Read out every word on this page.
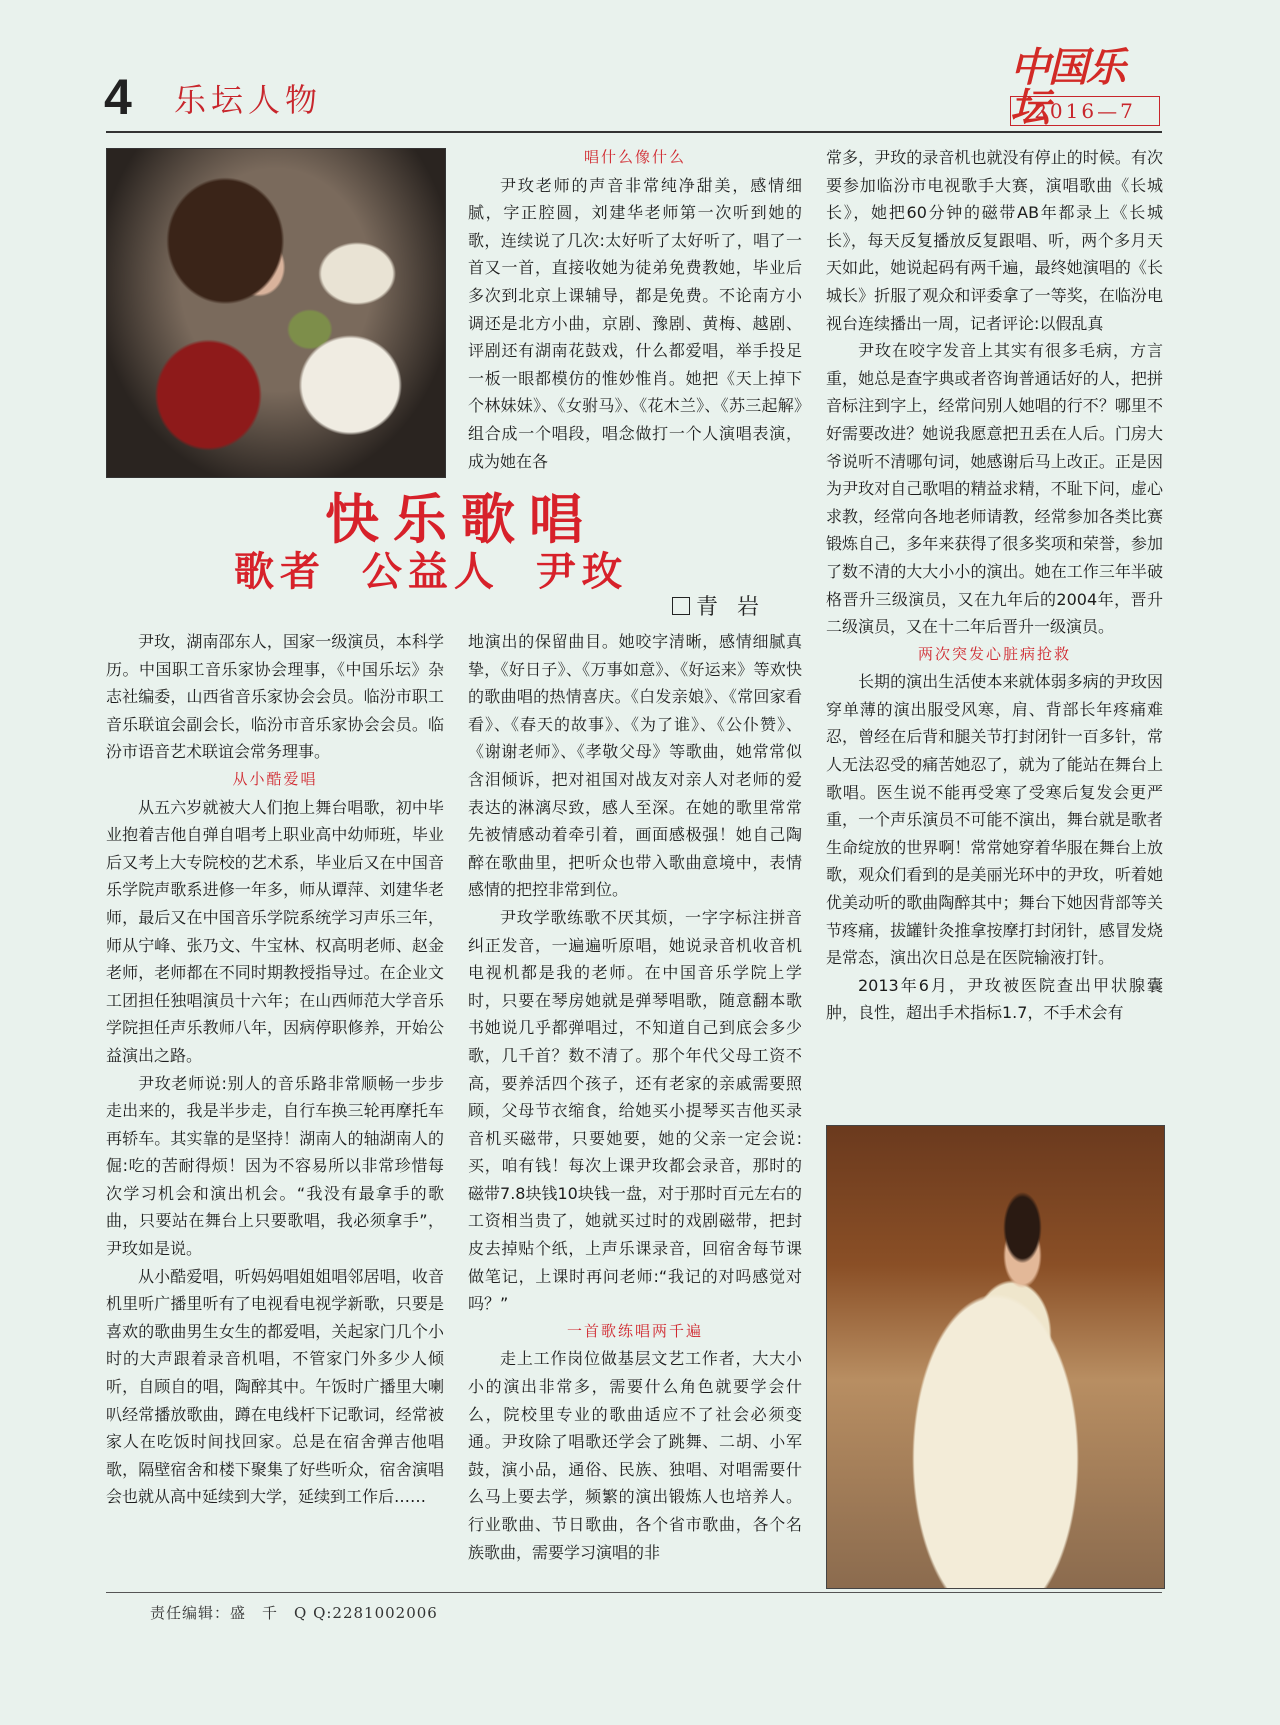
4 乐坛人物
中国乐坛
2016—7
唱什么像什么

尹玫老师的声音非常纯净甜美，感情细腻，字正腔圆，刘建华老师第一次听到她的歌，连续说了几次:太好听了太好听了，唱了一首又一首，直接收她为徒弟免费教她，毕业后多次到北京上课辅导，都是免费。不论南方小调还是北方小曲，京剧、豫剧、黄梅、越剧、评剧还有湖南花鼓戏，什么都爱唱，举手投足一板一眼都模仿的惟妙惟肖。她把《天上掉下个林妹妹》、《女驸马》、《花木兰》、《苏三起解》组合成一个唱段，唱念做打一个人演唱表演，成为她在各

快乐歌唱
歌者 公益人 尹玫
青 岩

尹玫，湖南邵东人，国家一级演员，本科学历。中国职工音乐家协会理事，《中国乐坛》杂志社编委，山西省音乐家协会会员。临汾市职工音乐联谊会副会长，临汾市音乐家协会会员。临汾市语音艺术联谊会常务理事。

从小酷爱唱

从五六岁就被大人们抱上舞台唱歌，初中毕业抱着吉他自弹自唱考上职业高中幼师班，毕业后又考上大专院校的艺术系，毕业后又在中国音乐学院声歌系进修一年多，师从谭萍、刘建华老师，最后又在中国音乐学院系统学习声乐三年，师从宁峰、张乃文、牛宝林、权高明老师、赵金老师，老师都在不同时期教授指导过。在企业文工团担任独唱演员十六年；在山西师范大学音乐学院担任声乐教师八年，因病停职修养，开始公益演出之路。

尹玫老师说:别人的音乐路非常顺畅一步步走出来的，我是半步走，自行车换三轮再摩托车再轿车。其实靠的是坚持！湖南人的轴湖南人的倔:吃的苦耐得烦！因为不容易所以非常珍惜每次学习机会和演出机会。“我没有最拿手的歌曲，只要站在舞台上只要歌唱，我必须拿手”，尹玫如是说。

从小酷爱唱，听妈妈唱姐姐唱邻居唱，收音机里听广播里听有了电视看电视学新歌，只要是喜欢的歌曲男生女生的都爱唱，关起家门几个小时的大声跟着录音机唱，不管家门外多少人倾听，自顾自的唱，陶醉其中。午饭时广播里大喇叭经常播放歌曲，蹲在电线杆下记歌词，经常被家人在吃饭时间找回家。总是在宿舍弹吉他唱歌，隔壁宿舍和楼下聚集了好些听众，宿舍演唱会也就从高中延续到大学，延续到工作后……

地演出的保留曲目。她咬字清晰，感情细腻真挚，《好日子》、《万事如意》、《好运来》等欢快的歌曲唱的热情喜庆。《白发亲娘》、《常回家看看》、《春天的故事》、《为了谁》、《公仆赞》、《谢谢老师》、《孝敬父母》等歌曲，她常常似含泪倾诉，把对祖国对战友对亲人对老师的爱表达的淋漓尽致，感人至深。在她的歌里常常先被情感动着牵引着，画面感极强！她自己陶醉在歌曲里，把听众也带入歌曲意境中，表情感情的把控非常到位。

尹玫学歌练歌不厌其烦，一字字标注拼音纠正发音，一遍遍听原唱，她说录音机收音机电视机都是我的老师。在中国音乐学院上学时，只要在琴房她就是弹琴唱歌，随意翻本歌书她说几乎都弹唱过，不知道自己到底会多少歌，几千首？数不清了。那个年代父母工资不高，要养活四个孩子，还有老家的亲戚需要照顾，父母节衣缩食，给她买小提琴买吉他买录音机买磁带，只要她要，她的父亲一定会说:买，咱有钱！每次上课尹玫都会录音，那时的磁带7.8块钱10块钱一盘，对于那时百元左右的工资相当贵了，她就买过时的戏剧磁带，把封皮去掉贴个纸，上声乐课录音，回宿舍每节课做笔记，上课时再问老师:“我记的对吗感觉对吗？”

一首歌练唱两千遍

走上工作岗位做基层文艺工作者，大大小小的演出非常多，需要什么角色就要学会什么，院校里专业的歌曲适应不了社会必须变通。尹玫除了唱歌还学会了跳舞、二胡、小军鼓，演小品，通俗、民族、独唱、对唱需要什么马上要去学，频繁的演出锻炼人也培养人。行业歌曲、节日歌曲，各个省市歌曲，各个名族歌曲，需要学习演唱的非

常多，尹玫的录音机也就没有停止的时候。有次要参加临汾市电视歌手大赛，演唱歌曲《长城长》，她把60分钟的磁带AB年都录上《长城长》，每天反复播放反复跟唱、听，两个多月天天如此，她说起码有两千遍，最终她演唱的《长城长》折服了观众和评委拿了一等奖，在临汾电视台连续播出一周，记者评论:以假乱真

尹玫在咬字发音上其实有很多毛病，方言重，她总是查字典或者咨询普通话好的人，把拼音标注到字上，经常问别人她唱的行不？哪里不好需要改进？她说我愿意把丑丢在人后。门房大爷说听不清哪句词，她感谢后马上改正。正是因为尹玫对自己歌唱的精益求精，不耻下问，虚心求教，经常向各地老师请教，经常参加各类比赛锻炼自己，多年来获得了很多奖项和荣誉，参加了数不清的大大小小的演出。她在工作三年半破格晋升三级演员，又在九年后的2004年，晋升二级演员，又在十二年后晋升一级演员。

两次突发心脏病抢救

长期的演出生活使本来就体弱多病的尹玫因穿单薄的演出服受风寒，肩、背部长年疼痛难忍，曾经在后背和腿关节打封闭针一百多针，常人无法忍受的痛苦她忍了，就为了能站在舞台上歌唱。医生说不能再受寒了受寒后复发会更严重，一个声乐演员不可能不演出，舞台就是歌者生命绽放的世界啊！常常她穿着华服在舞台上放歌，观众们看到的是美丽光环中的尹玫，听着她优美动听的歌曲陶醉其中；舞台下她因背部等关节疼痛，拔罐针灸推拿按摩打封闭针，感冒发烧是常态，演出次日总是在医院输液打针。

2013年6月，尹玫被医院查出甲状腺囊肿，良性，超出手术指标1.7，不手术会有

责任编辑：盛　千　Q Q:2281002006
